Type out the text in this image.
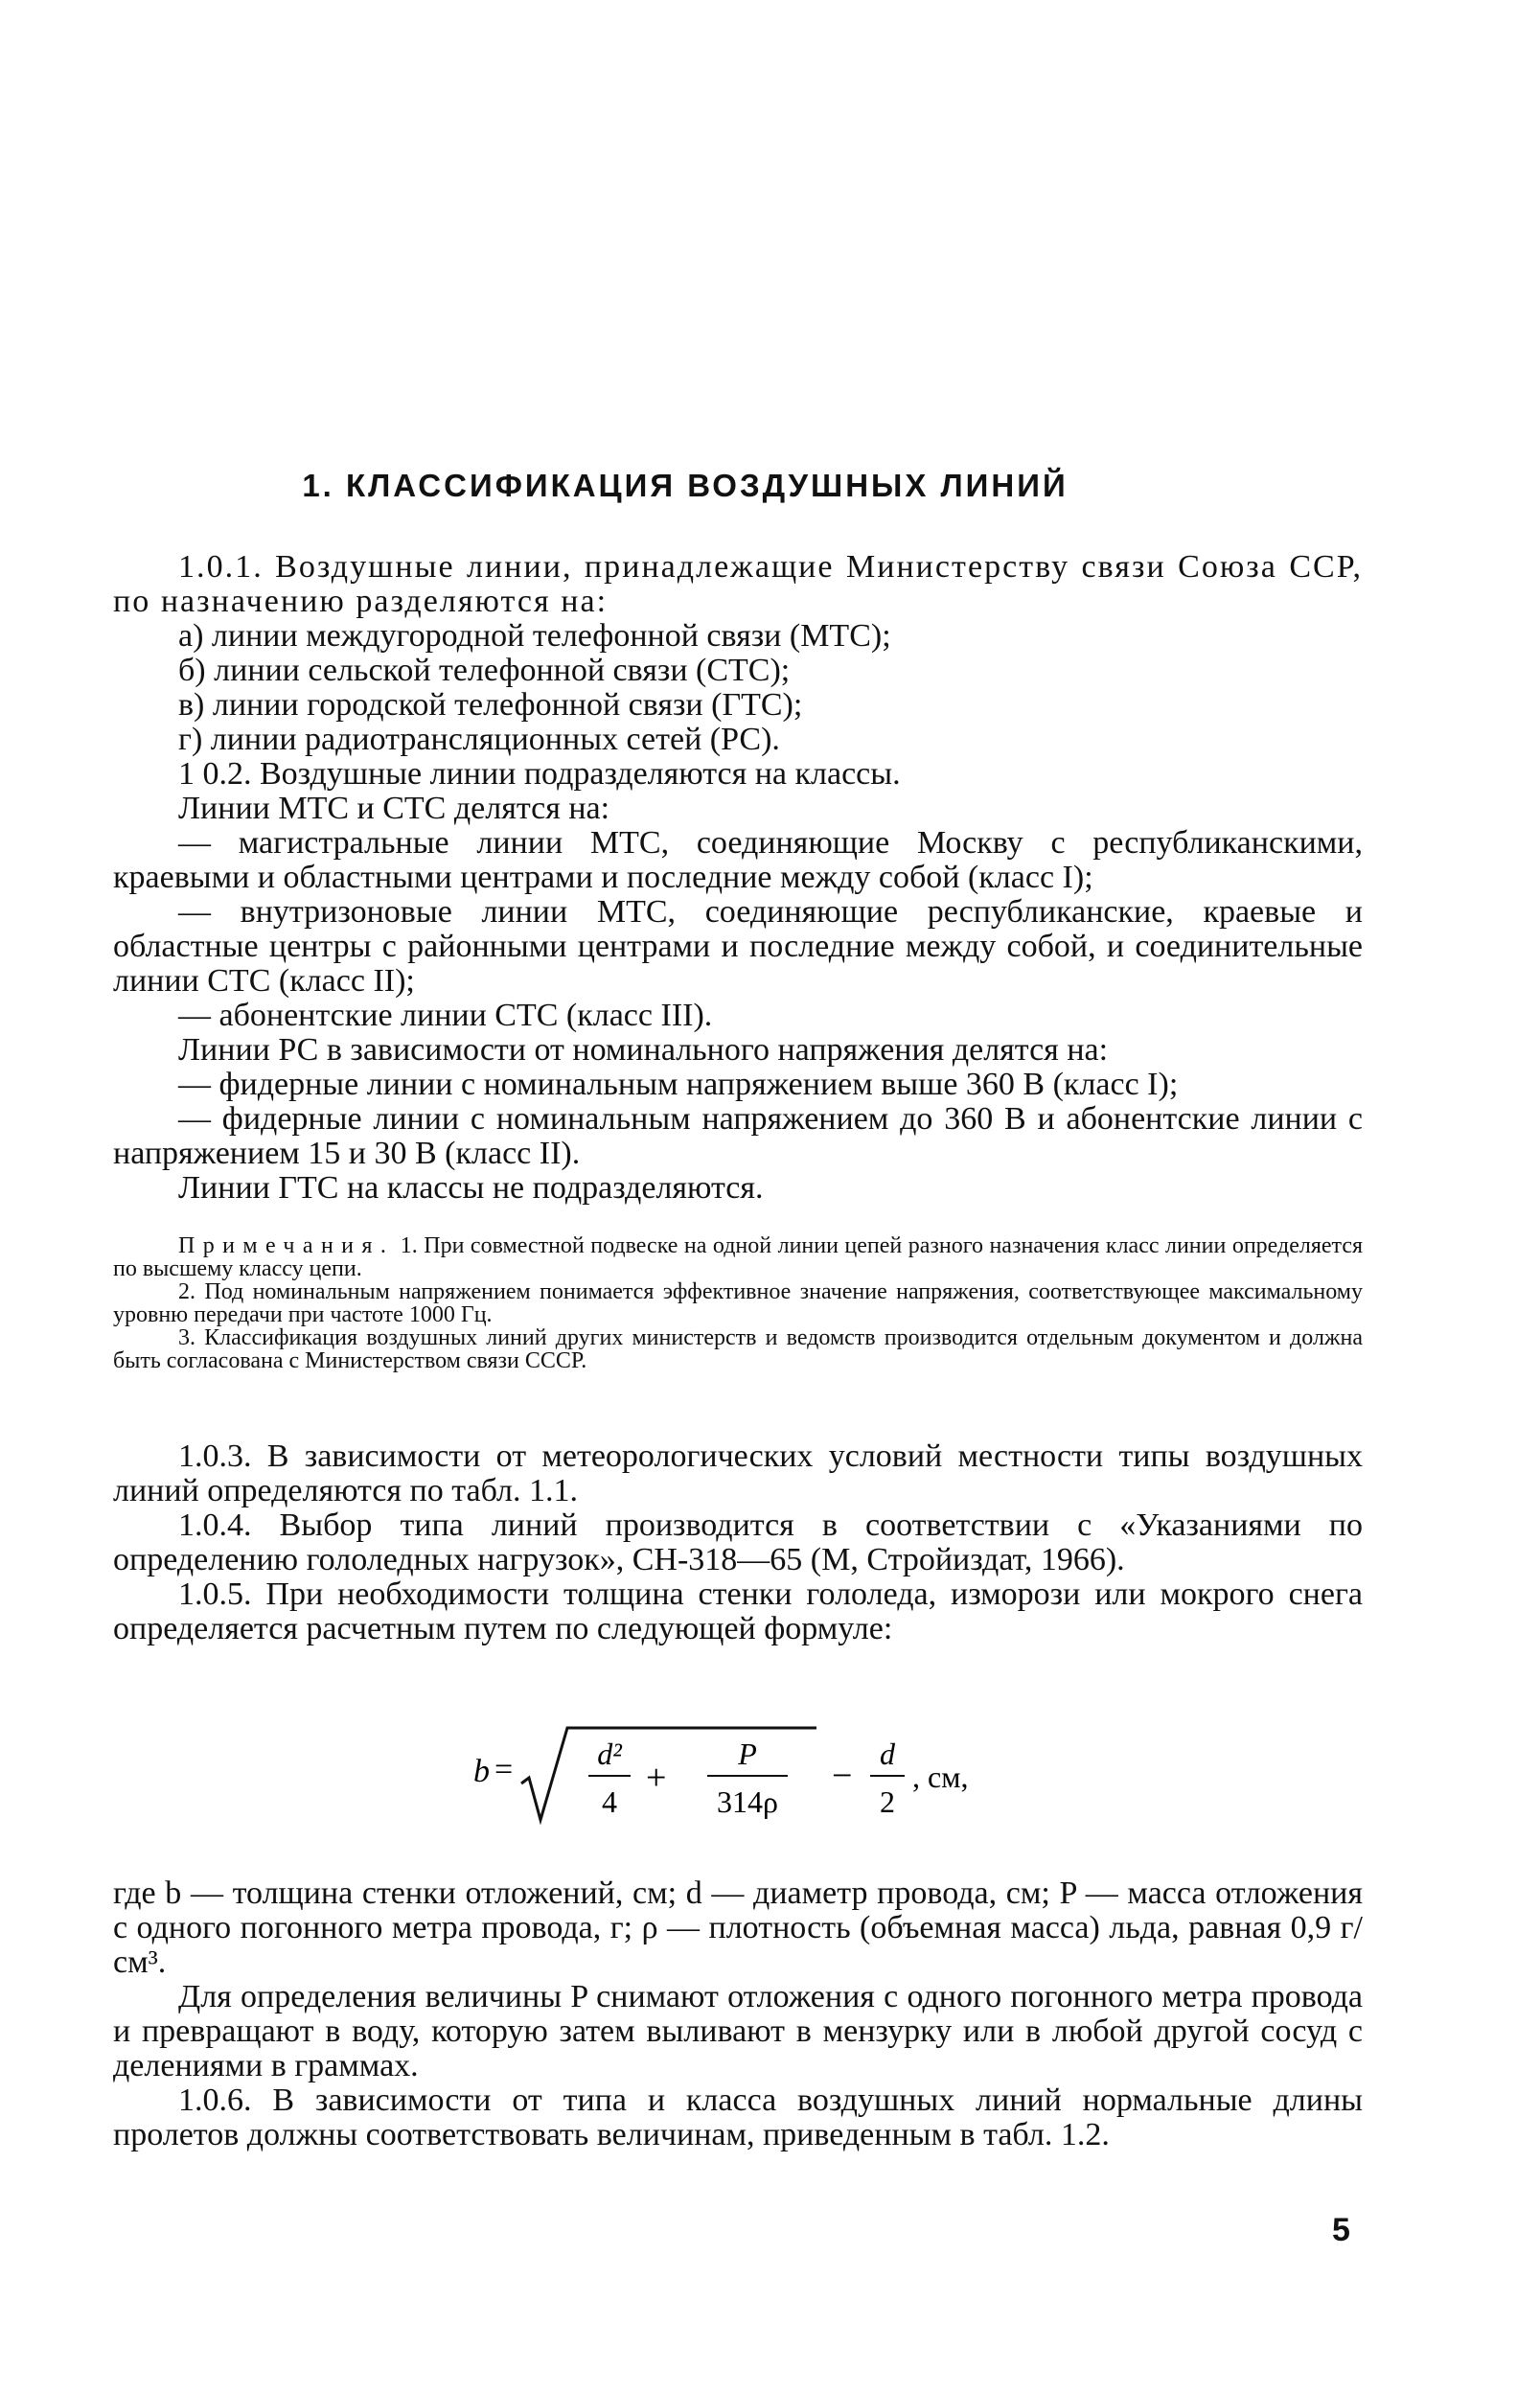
1. КЛАССИФИКАЦИЯ ВОЗДУШНЫХ ЛИНИЙ

1.0.1. Воздушные линии, принадлежащие Министерству связи Союза ССР, по назначению разделяются на:

а) линии междугородной телефонной связи (МТС);

б) линии сельской телефонной связи (СТС);

в) линии городской телефонной связи (ГТС);

г) линии радиотрансляционных сетей (РС).

1 0.2. Воздушные линии подразделяются на классы.

Линии МТС и СТС делятся на:

— магистральные линии МТС, соединяющие Москву с республиканскими, краевыми и областными центрами и последние между собой (класс I);

— внутризоновые линии МТС, соединяющие республиканские, краевые и областные центры с районными центрами и последние между собой, и соединительные линии СТС (класс II);

— абонентские линии СТС (класс III).

Линии РС в зависимости от номинального напряжения делятся на:

— фидерные линии с номинальным напряжением выше 360 В (класс I);

— фидерные линии с номинальным напряжением до 360 В и абонентские линии с напряжением 15 и 30 В (класс II).

Линии ГТС на классы не подразделяются.

Примечания. 1. При совместной подвеске на одной линии цепей разного назначения класс линии определяется по высшему классу цепи.

2. Под номинальным напряжением понимается эффективное значение напряжения, соответствующее максимальному уровню передачи при частоте 1000 Гц.

3. Классификация воздушных линий других министерств и ведомств производится отдельным документом и должна быть согласована с Министерством связи СССР.

1.0.3. В зависимости от метеорологических условий местности типы воздушных линий определяются по табл. 1.1.

1.0.4. Выбор типа линий производится в соответствии с «Указаниями по определению гололедных нагрузок», СН-318—65 (М, Стройиздат, 1966).

1.0.5. При необходимости толщина стенки гололеда, изморози или мокрого снега определяется расчетным путем по следующей формуле:

b =	d²
4
+
P
314ρ
−
d
2
, см,

где b — толщина стенки отложений, см; d — диаметр провода, см; P — масса отложения с одного погонного метра провода, г; ρ — плотность (объемная масса) льда, равная 0,9 г/см³.

Для определения величины P снимают отложения с одного погонного метра провода и превращают в воду, которую затем выливают в мензурку или в любой другой сосуд с делениями в граммах.

1.0.6. В зависимости от типа и класса воздушных линий нормальные длины пролетов должны соответствовать величинам, приведенным в табл. 1.2.

5
